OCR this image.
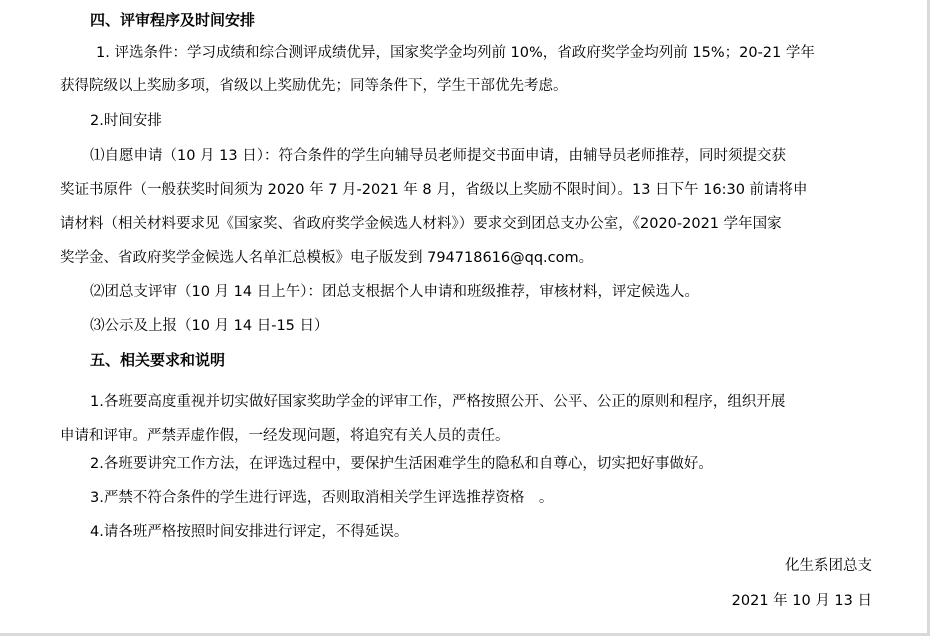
四、评审程序及时间安排
1. 评选条件：学习成绩和综合测评成绩优异，国家奖学金均列前 10%，省政府奖学金均列前 15%；20-21 学年
获得院级以上奖励多项，省级以上奖励优先；同等条件下，学生干部优先考虑。
2.时间安排
⑴自愿申请（10 月 13 日）：符合条件的学生向辅导员老师提交书面申请，由辅导员老师推荐，同时须提交获
奖证书原件（一般获奖时间须为 2020 年 7 月-2021 年 8 月，省级以上奖励不限时间）。13 日下午 16:30 前请将申
请材料（相关材料要求见《国家奖、省政府奖学金候选人材料》）要求交到团总支办公室，《2020-2021 学年国家
奖学金、省政府奖学金候选人名单汇总模板》电子版发到 794718616@qq.com。
⑵团总支评审（10 月 14 日上午）：团总支根据个人申请和班级推荐，审核材料，评定候选人。
⑶公示及上报（10 月 14 日-15 日）
五、相关要求和说明
1.各班要高度重视并切实做好国家奖助学金的评审工作，严格按照公开、公平、公正的原则和程序，组织开展
申请和评审。严禁弄虚作假，一经发现问题，将追究有关人员的责任。
2.各班要讲究工作方法，在评选过程中，要保护生活困难学生的隐私和自尊心，切实把好事做好。
3.严禁不符合条件的学生进行评选，否则取消相关学生评选推荐资格　。
4.请各班严格按照时间安排进行评定，不得延误。
化生系团总支
2021 年 10 月 13 日
